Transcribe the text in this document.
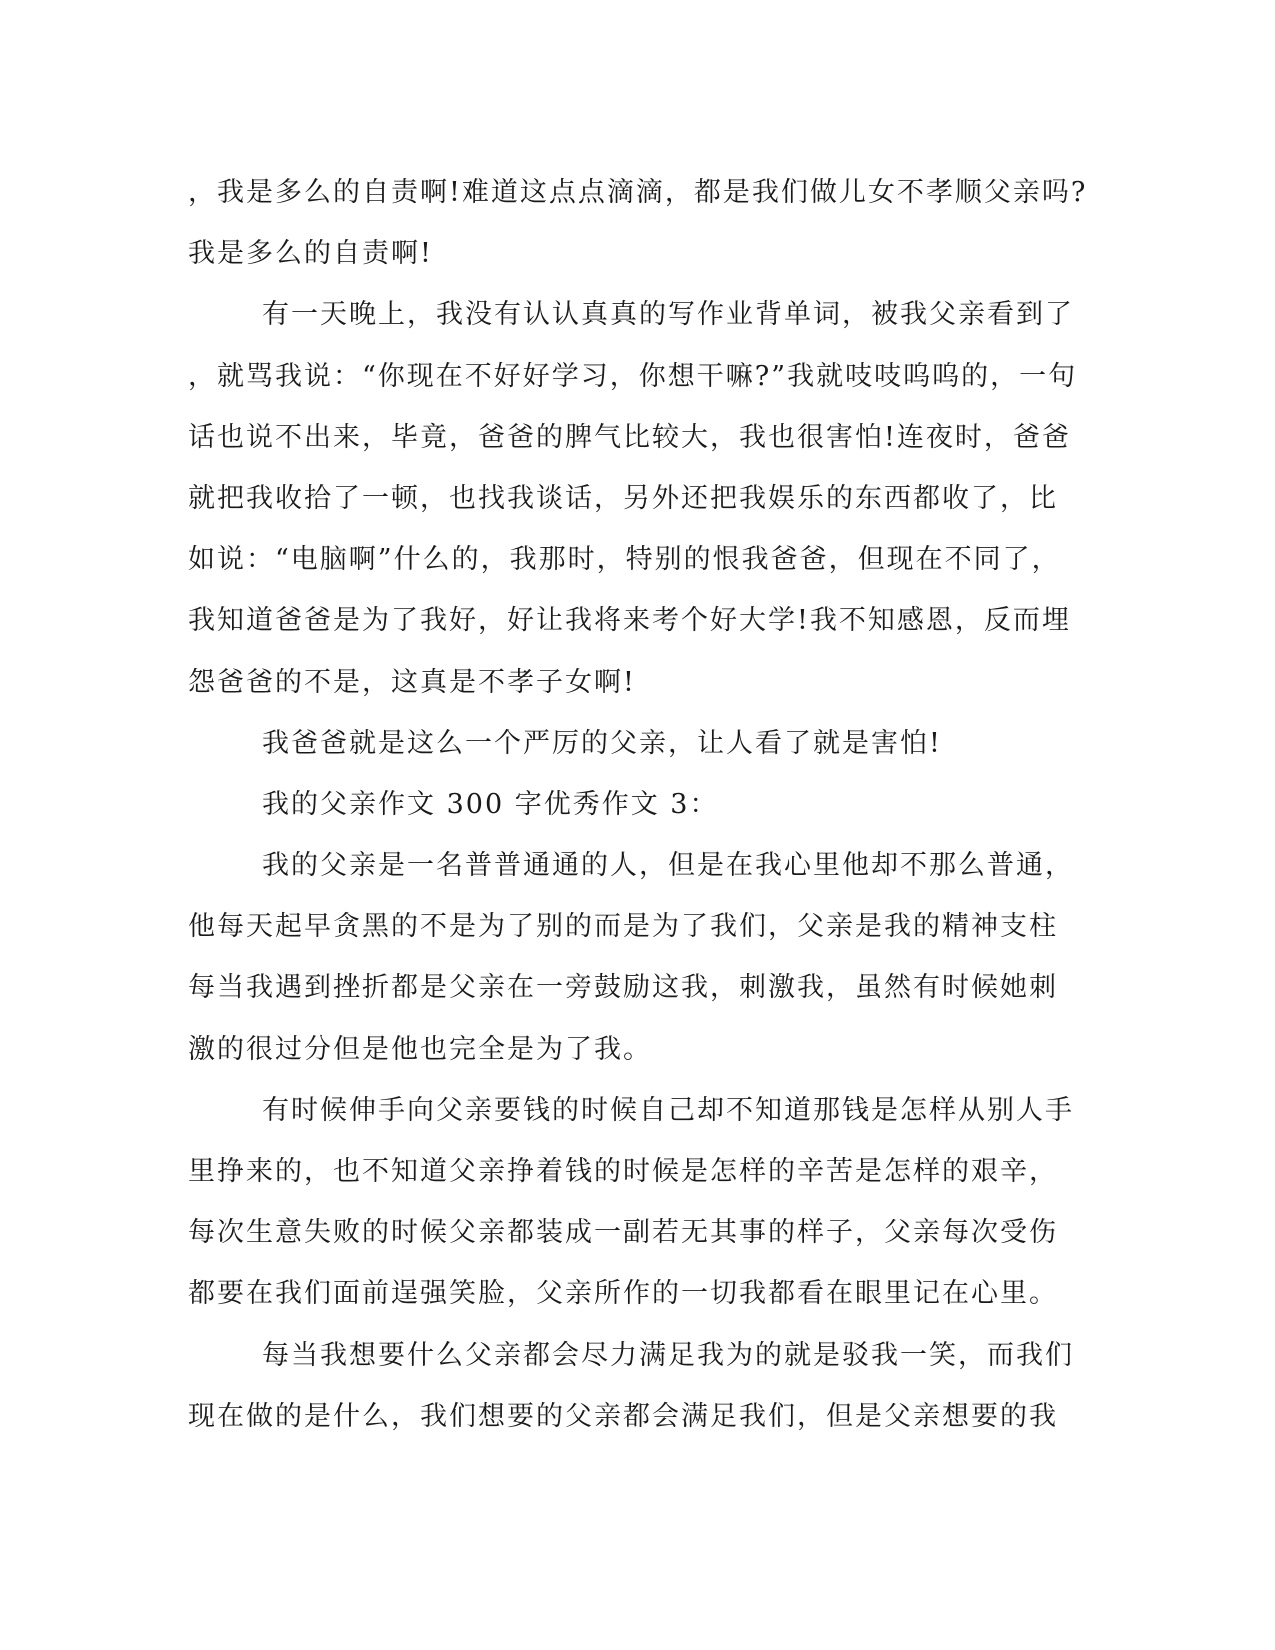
，我是多么的自责啊!难道这点点滴滴，都是我们做儿女不孝顺父亲吗?
我是多么的自责啊!
有一天晚上，我没有认认真真的写作业背单词，被我父亲看到了
，就骂我说：“你现在不好好学习，你想干嘛?”我就吱吱呜呜的，一句
话也说不出来，毕竟，爸爸的脾气比较大，我也很害怕!连夜时，爸爸
就把我收拾了一顿，也找我谈话，另外还把我娱乐的东西都收了，比
如说：“电脑啊”什么的，我那时，特别的恨我爸爸，但现在不同了，
我知道爸爸是为了我好，好让我将来考个好大学!我不知感恩，反而埋
怨爸爸的不是，这真是不孝子女啊!
我爸爸就是这么一个严厉的父亲，让人看了就是害怕!
我的父亲作文 300 字优秀作文 3：
我的父亲是一名普普通通的人，但是在我心里他却不那么普通，
他每天起早贪黑的不是为了别的而是为了我们，父亲是我的精神支柱
每当我遇到挫折都是父亲在一旁鼓励这我，刺激我，虽然有时候她刺
激的很过分但是他也完全是为了我。
有时候伸手向父亲要钱的时候自己却不知道那钱是怎样从别人手
里挣来的，也不知道父亲挣着钱的时候是怎样的辛苦是怎样的艰辛，
每次生意失败的时候父亲都装成一副若无其事的样子，父亲每次受伤
都要在我们面前逞强笑脸，父亲所作的一切我都看在眼里记在心里。
每当我想要什么父亲都会尽力满足我为的就是驳我一笑，而我们
现在做的是什么，我们想要的父亲都会满足我们，但是父亲想要的我
